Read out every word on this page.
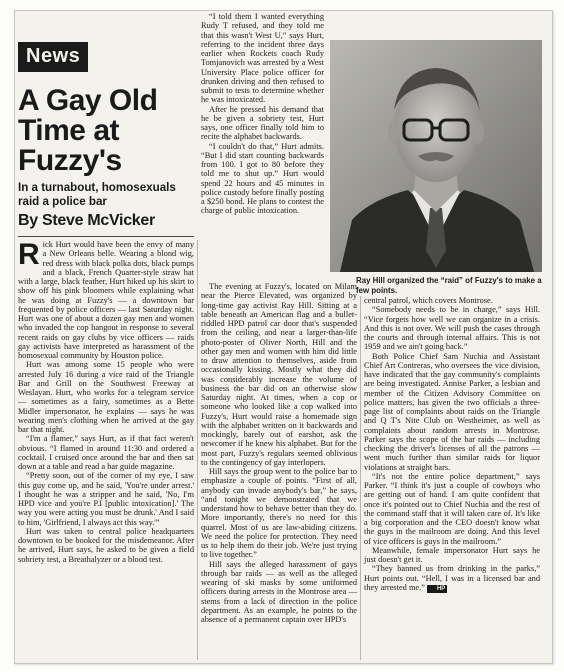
News
A Gay Old Time at Fuzzy's
In a turnabout, homosexuals raid a police bar
By Steve McVicker

Rick Hurt would have been the envy of many a New Orleans belle. Wearing a blond wig, red dress with black polka dots, black pumps and a black, French Quarter-style straw hat with a large, black feather, Hurt hiked up his skirt to show off his pink bloomers while explaining what he was doing at Fuzzy's — a downtown bar frequented by police officers — last Saturday night. Hurt was one of about a dozen gay men and women who invaded the cop hangout in response to several recent raids on gay clubs by vice officers — raids gay activists have interpreted as harassment of the homosexual community by Houston police.

Hurt was among some 15 people who were arrested July 16 during a vice raid of the Triangle Bar and Grill on the Southwest Freeway at Weslayan. Hurt, who works for a telegram service — sometimes as a fairy, sometimes as a Bette Midler impersonator, he explains — says he was wearing men's clothing when he arrived at the gay bar that night.

“I'm a flamer,” says Hurt, as if that fact weren't obvious. “I flamed in around 11:30 and ordered a cocktail. I cruised once around the bar and then sat down at a table and read a bar guide magazine.

“Pretty soon, out of the corner of my eye, I saw this guy come up, and he said, 'You're under arrest.' I thought he was a stripper and he said, 'No, I'm HPD vice and you're P.I [public intoxication].' The way you were acting you must be drunk.' And I said to him, 'Girlfriend, I always act this way.'”

Hurt was taken to central police headquarters downtown to be booked for the misdemeanor. After he arrived, Hurt says, he asked to be given a field sobriety test, a Breathalyzer or a blood test.

“I told them I wanted everything Rudy T refused, and they told me that this wasn't West U,” says Hurt, referring to the incident three days earlier when Rockets coach Rudy Tomjanovich was arrested by a West University Place police officer for drunken driving and then refused to submit to tests to determine whether he was intoxicated.

After he pressed his demand that he be given a sobriety test, Hurt says, one officer finally told him to recite the alphabet backwards.

“I couldn't do that,” Hurt admits. “But I did start counting backwards from 100. I got to 80 before they told me to shut up.” Hurt would spend 22 hours and 45 minutes in police custody before finally posting a $250 bond. He plans to contest the charge of public intoxication.

Ray Hill organized the “raid” of Fuzzy's to make a few points.

The evening at Fuzzy's, located on Milam near the Pierce Elevated, was organized by long-time gay activist Ray Hill. Sitting at a table beneath an American flag and a bullet-riddled HPD patrol car door that's suspended from the ceiling, and near a larger-than-life photo-poster of Oliver North, Hill and the other gay men and women with him did little to draw attention to themselves, aside from occasionally kissing. Mostly what they did was considerably increase the volume of business the bar did on an otherwise slow Saturday night. At times, when a cop or someone who looked like a cop walked into Fuzzy's, Hurt would raise a homemade sign with the alphabet written on it backwards and mockingly, barely out of earshot, ask the newcomer if he knew his alphabet. But for the most part, Fuzzy's regulars seemed oblivious to the contingency of gay interlopers.

Hill says the group went to the police bar to emphasize a couple of points. “First of all, anybody can invade anybody's bar,” he says, “and tonight we demonstrated that we understand how to behave better than they do. More importantly, there's no need for this quarrel. Most of us are law-abiding citizens. We need the police for protection. They need us to help them do their job. We're just trying to live together.”

Hill says the alleged harassment of gays through bar raids — as well as the alleged wearing of ski masks by some uniformed officers during arrests in the Montrose area — stems from a lack of direction in the police department. As an example, he points to the absence of a permanent captain over HPD's

central patrol, which covers Montrose.

“Somebody needs to be in charge,” says Hill. “Vice forgets how well we can organize in a crisis. And this is not over. We will push the cases through the courts and through internal affairs. This is not 1959 and we ain't going back.”

Both Police Chief Sam Nuchia and Assistant Chief Art Contreras, who oversees the vice division, have indicated that the gay community's complaints are being investigated. Annise Parker, a lesbian and member of the Citizen Advisory Committee on police matters, has given the two officials a three-page list of complaints about raids on the Triangle and Q T's Nite Club on Westheimer, as well as complaints about random arrests in Montrose. Parker says the scope of the bar raids — including checking the driver's licenses of all the patrons — went much further than similar raids for liquor violations at straight bars.

“It's not the entire police department,” says Parker. “I think it's just a couple of cowboys who are getting out of hand. I am quite confident that once it's pointed out to Chief Nuchia and the rest of the command staff that it will taken care of. It's like a big corporation and the CEO doesn't know what the guys in the mailroom are doing. And this level of vice officers is guys in the mailroom.”

Meanwhile, female impersonator Hurt says he just doesn't get it.

“They banned us from drinking in the parks,” Hurt points out. “Hell, I was in a licensed bar and they arrested me.” HP
